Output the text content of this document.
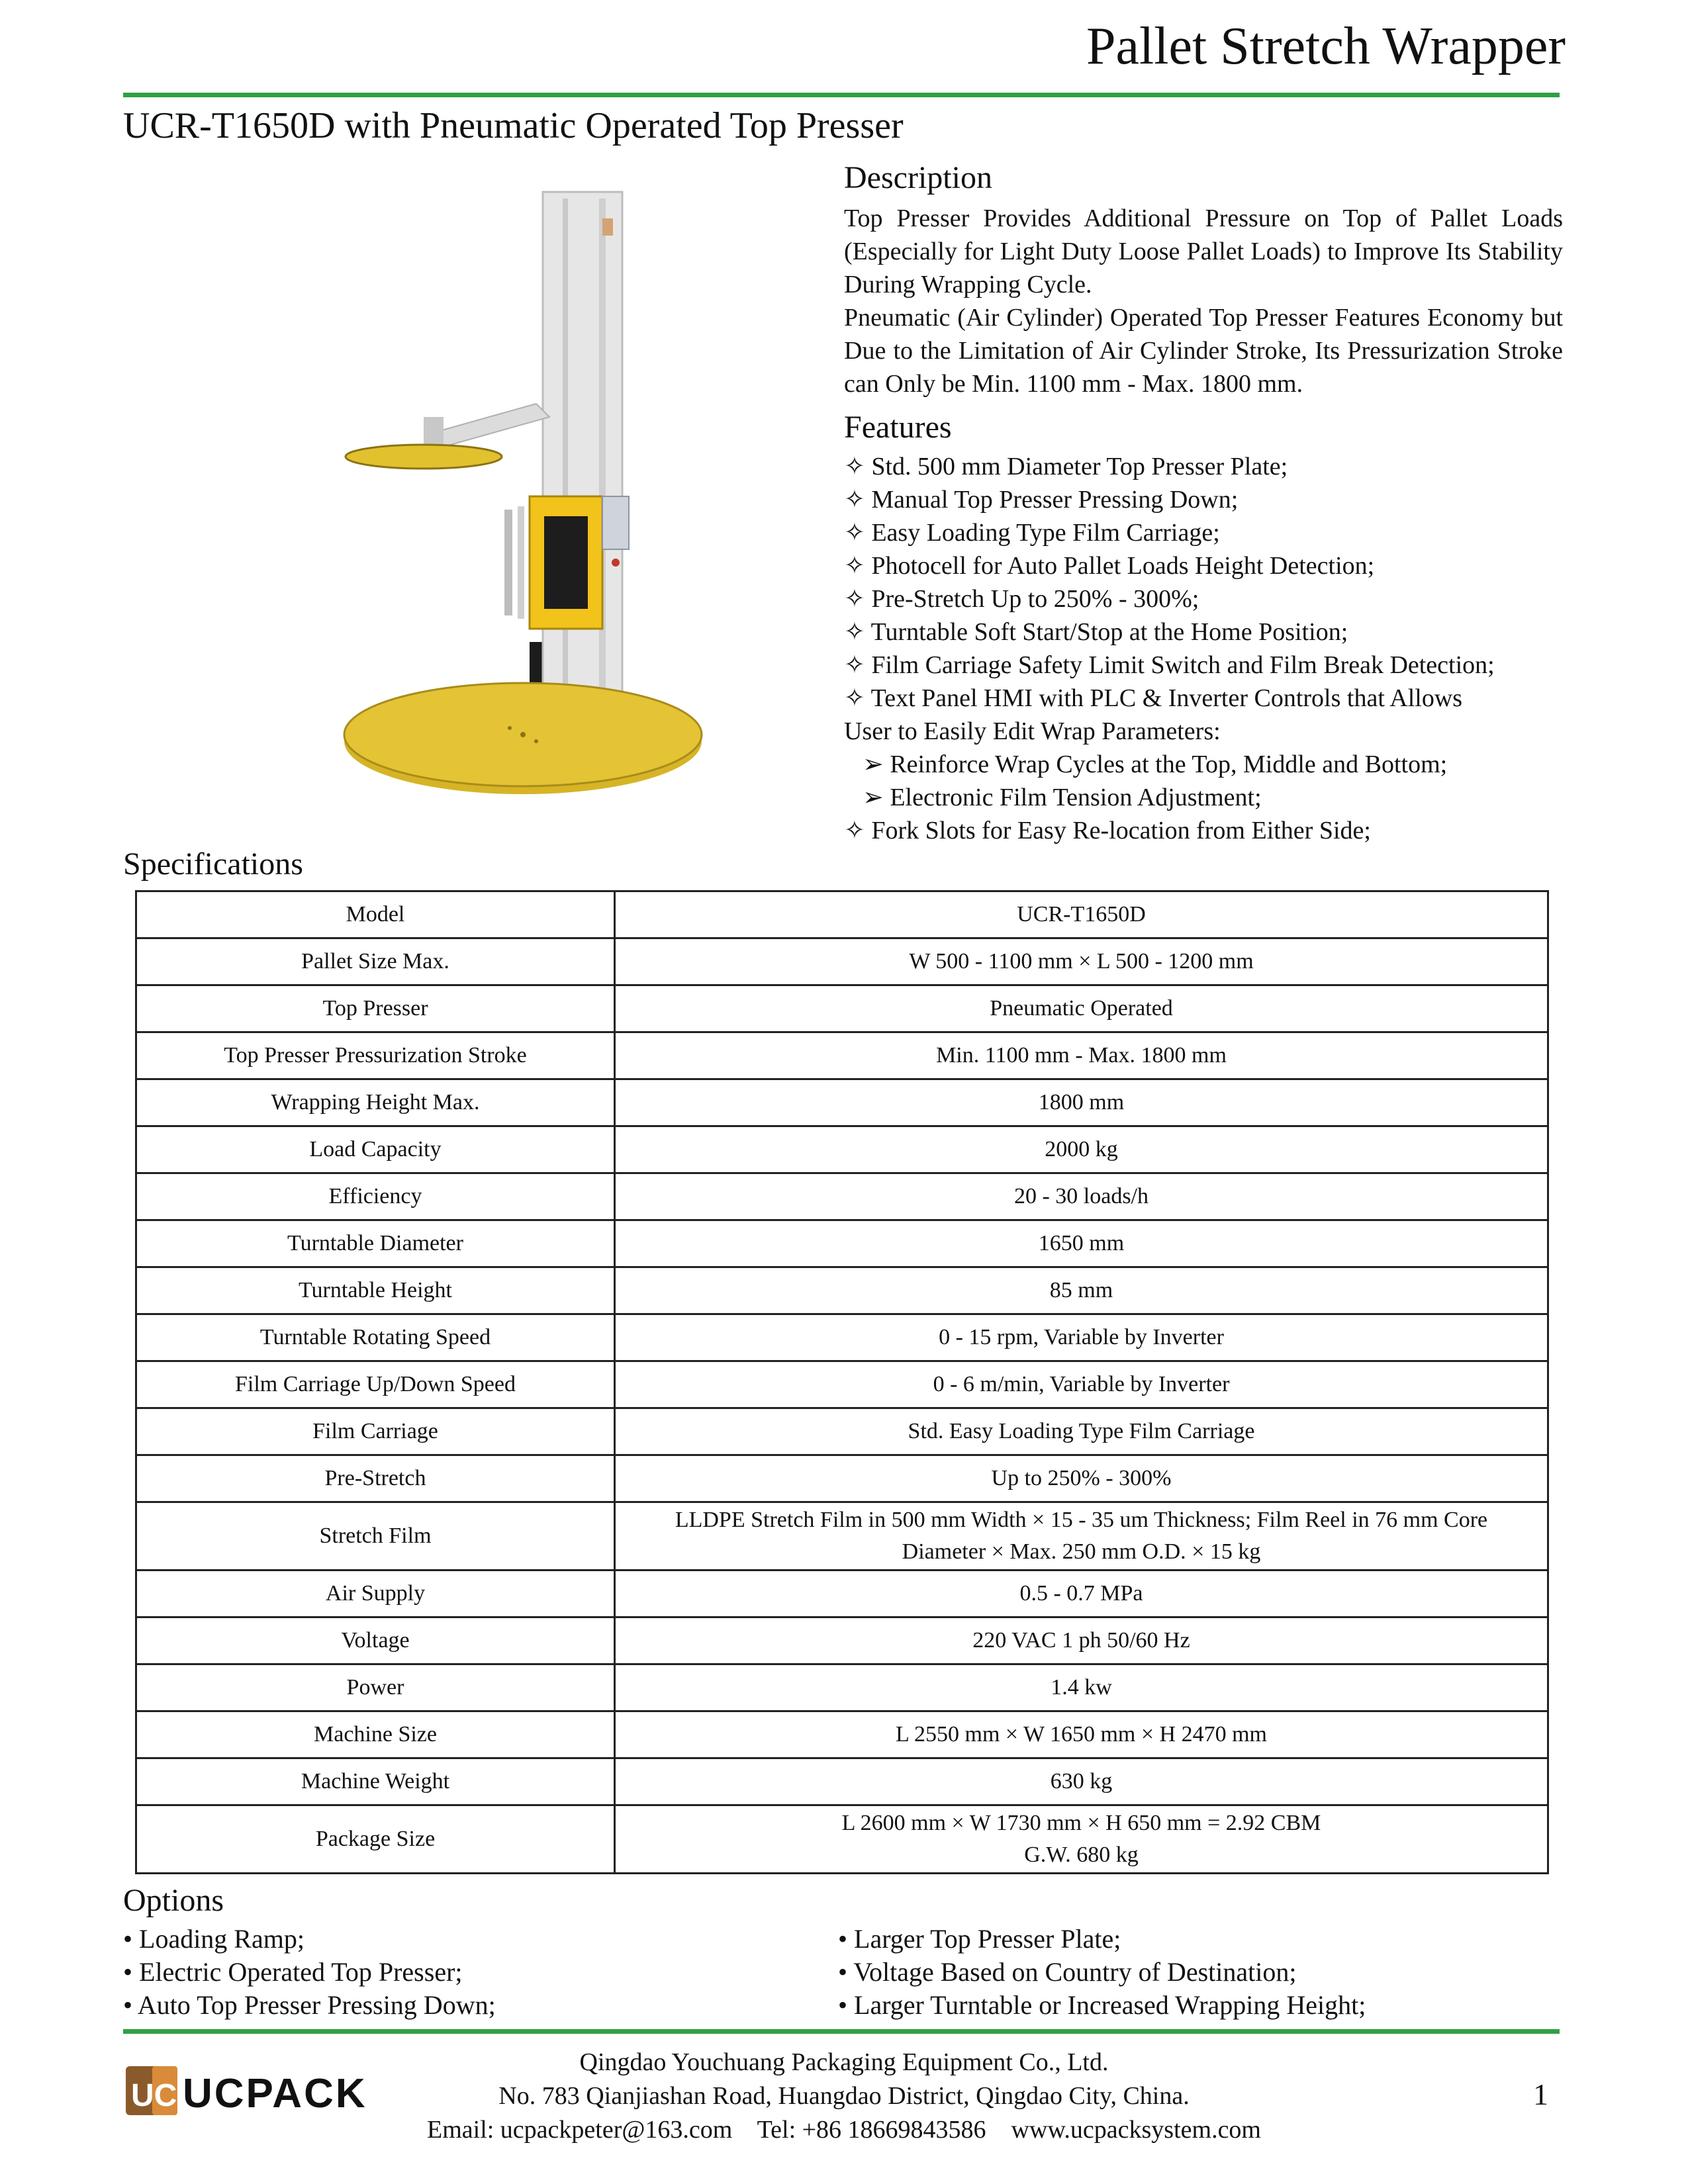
Pallet Stretch Wrapper
UCR-T1650D with Pneumatic Operated Top Presser
Description
Top Presser Provides Additional Pressure on Top of Pallet Loads (Especially for Light Duty Loose Pallet Loads) to Improve Its Stability During Wrapping Cycle.
Pneumatic (Air Cylinder) Operated Top Presser Features Economy but Due to the Limitation of Air Cylinder Stroke, Its Pressurization Stroke can Only be Min. 1100 mm - Max. 1800 mm.
Features
✧ Std. 500 mm Diameter Top Presser Plate;
✧ Manual Top Presser Pressing Down;
✧ Easy Loading Type Film Carriage;
✧ Photocell for Auto Pallet Loads Height Detection;
✧ Pre-Stretch Up to 250% - 300%;
✧ Turntable Soft Start/Stop at the Home Position;
✧ Film Carriage Safety Limit Switch and Film Break Detection;
✧ Text Panel HMI with PLC & Inverter Controls that Allows
User to Easily Edit Wrap Parameters:
➢ Reinforce Wrap Cycles at the Top, Middle and Bottom;
➢ Electronic Film Tension Adjustment;
✧ Fork Slots for Easy Re-location from Either Side;
Specifications
Model	UCR-T1650D

Pallet Size Max.	W 500 - 1100 mm × L 500 - 1200 mm

Top Presser	Pneumatic Operated

Top Presser Pressurization Stroke	Min. 1100 mm - Max. 1800 mm

Wrapping Height Max.	1800 mm

Load Capacity	2000 kg

Efficiency	20 - 30 loads/h

Turntable Diameter	1650 mm

Turntable Height	85 mm

Turntable Rotating Speed	0 - 15 rpm, Variable by Inverter

Film Carriage Up/Down Speed	0 - 6 m/min, Variable by Inverter

Film Carriage	Std. Easy Loading Type Film Carriage

Pre-Stretch	Up to 250% - 300%

Stretch Film	LLDPE Stretch Film in 500 mm Width × 15 - 35 um Thickness; Film Reel in 76 mm Core
Diameter × Max. 250 mm O.D. × 15 kg

Air Supply	0.5 - 0.7 MPa

Voltage	220 VAC 1 ph 50/60 Hz

Power	1.4 kw

Machine Size	L 2550 mm × W 1650 mm × H 2470 mm

Machine Weight	630 kg

Package Size	L 2600 mm × W 1730 mm × H 650 mm = 2.92 CBM
G.W. 680 kg
Options
• Loading Ramp;
• Electric Operated Top Presser;
• Auto Top Presser Pressing Down;
• Larger Top Presser Plate;
• Voltage Based on Country of Destination;
• Larger Turntable or Increased Wrapping Height;
UC UCPACK
Qingdao Youchuang Packaging Equipment Co., Ltd.
No. 783 Qianjiashan Road, Huangdao District, Qingdao City, China.
Email: ucpackpeter@163.com    Tel: +86 18669843586    www.ucpacksystem.com
1
